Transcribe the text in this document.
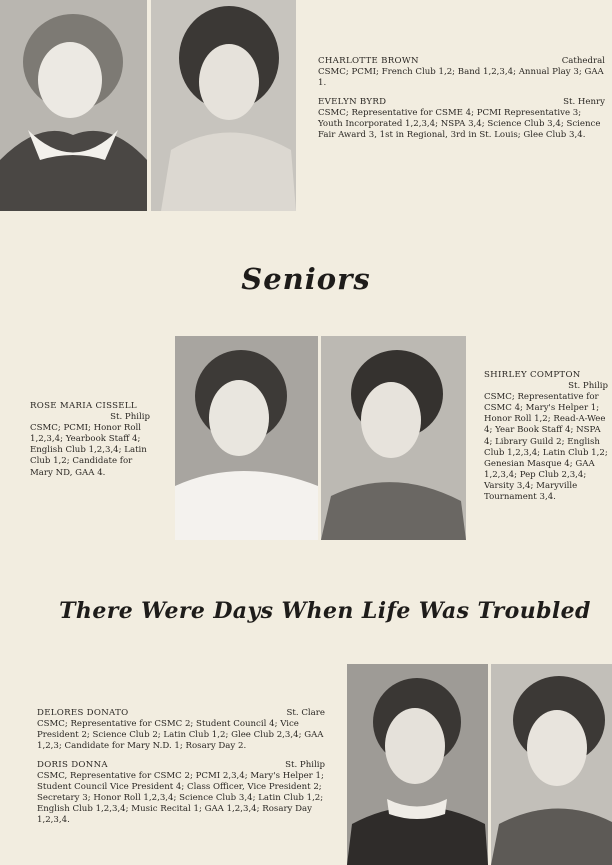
CHARLOTTE BROWN	Cathedral

CSMC; PCMI; French Club 1,2; Band 1,2,3,4; Annual Play 3; GAA 1.

EVELYN BYRD	St. Henry

CSMC; Representative for CSME 4; PCMI Representative 3; Youth Incorporated 1,2,3,4; NSPA 3,4; Science Club 3,4; Science Fair Award 3, 1st in Regional, 3rd in St. Louis; Glee Club 3,4.

Seniors
ROSE MARIA CISSELL
St. Philip

CSMC; PCMI; Honor Roll 1,2,3,4; Yearbook Staff 4; English Club 1,2,3,4; Latin Club 1,2; Candidate for Mary ND, GAA 4.

SHIRLEY COMPTON
St. Philip

CSMC; Representative for CSMC 4; Mary's Helper 1; Honor Roll 1,2; Read-A-Wee 4; Year Book Staff 4; NSPA 4; Library Guild 2; English Club 1,2,3,4; Latin Club 1,2; Genesian Masque 4; GAA 1,2,3,4; Pep Club 2,3,4; Varsity 3,4; Maryville Tournament 3,4.

There Were Days When Life Was Troubled
DELORES DONATO	St. Clare

CSMC; Representative for CSMC 2; Student Council 4; Vice President 2; Science Club 2; Latin Club 1,2; Glee Club 2,3,4; GAA 1,2,3; Candidate for Mary N.D. 1; Rosary Day 2.

DORIS DONNA	St. Philip

CSMC, Representative for CSMC 2; PCMI 2,3,4; Mary's Helper 1; Student Council Vice President 4; Class Officer, Vice President 2; Secretary 3; Honor Roll 1,2,3,4; Science Club 3,4; Latin Club 1,2; English Club 1,2,3,4; Music Recital 1; GAA 1,2,3,4; Rosary Day 1,2,3,4.
